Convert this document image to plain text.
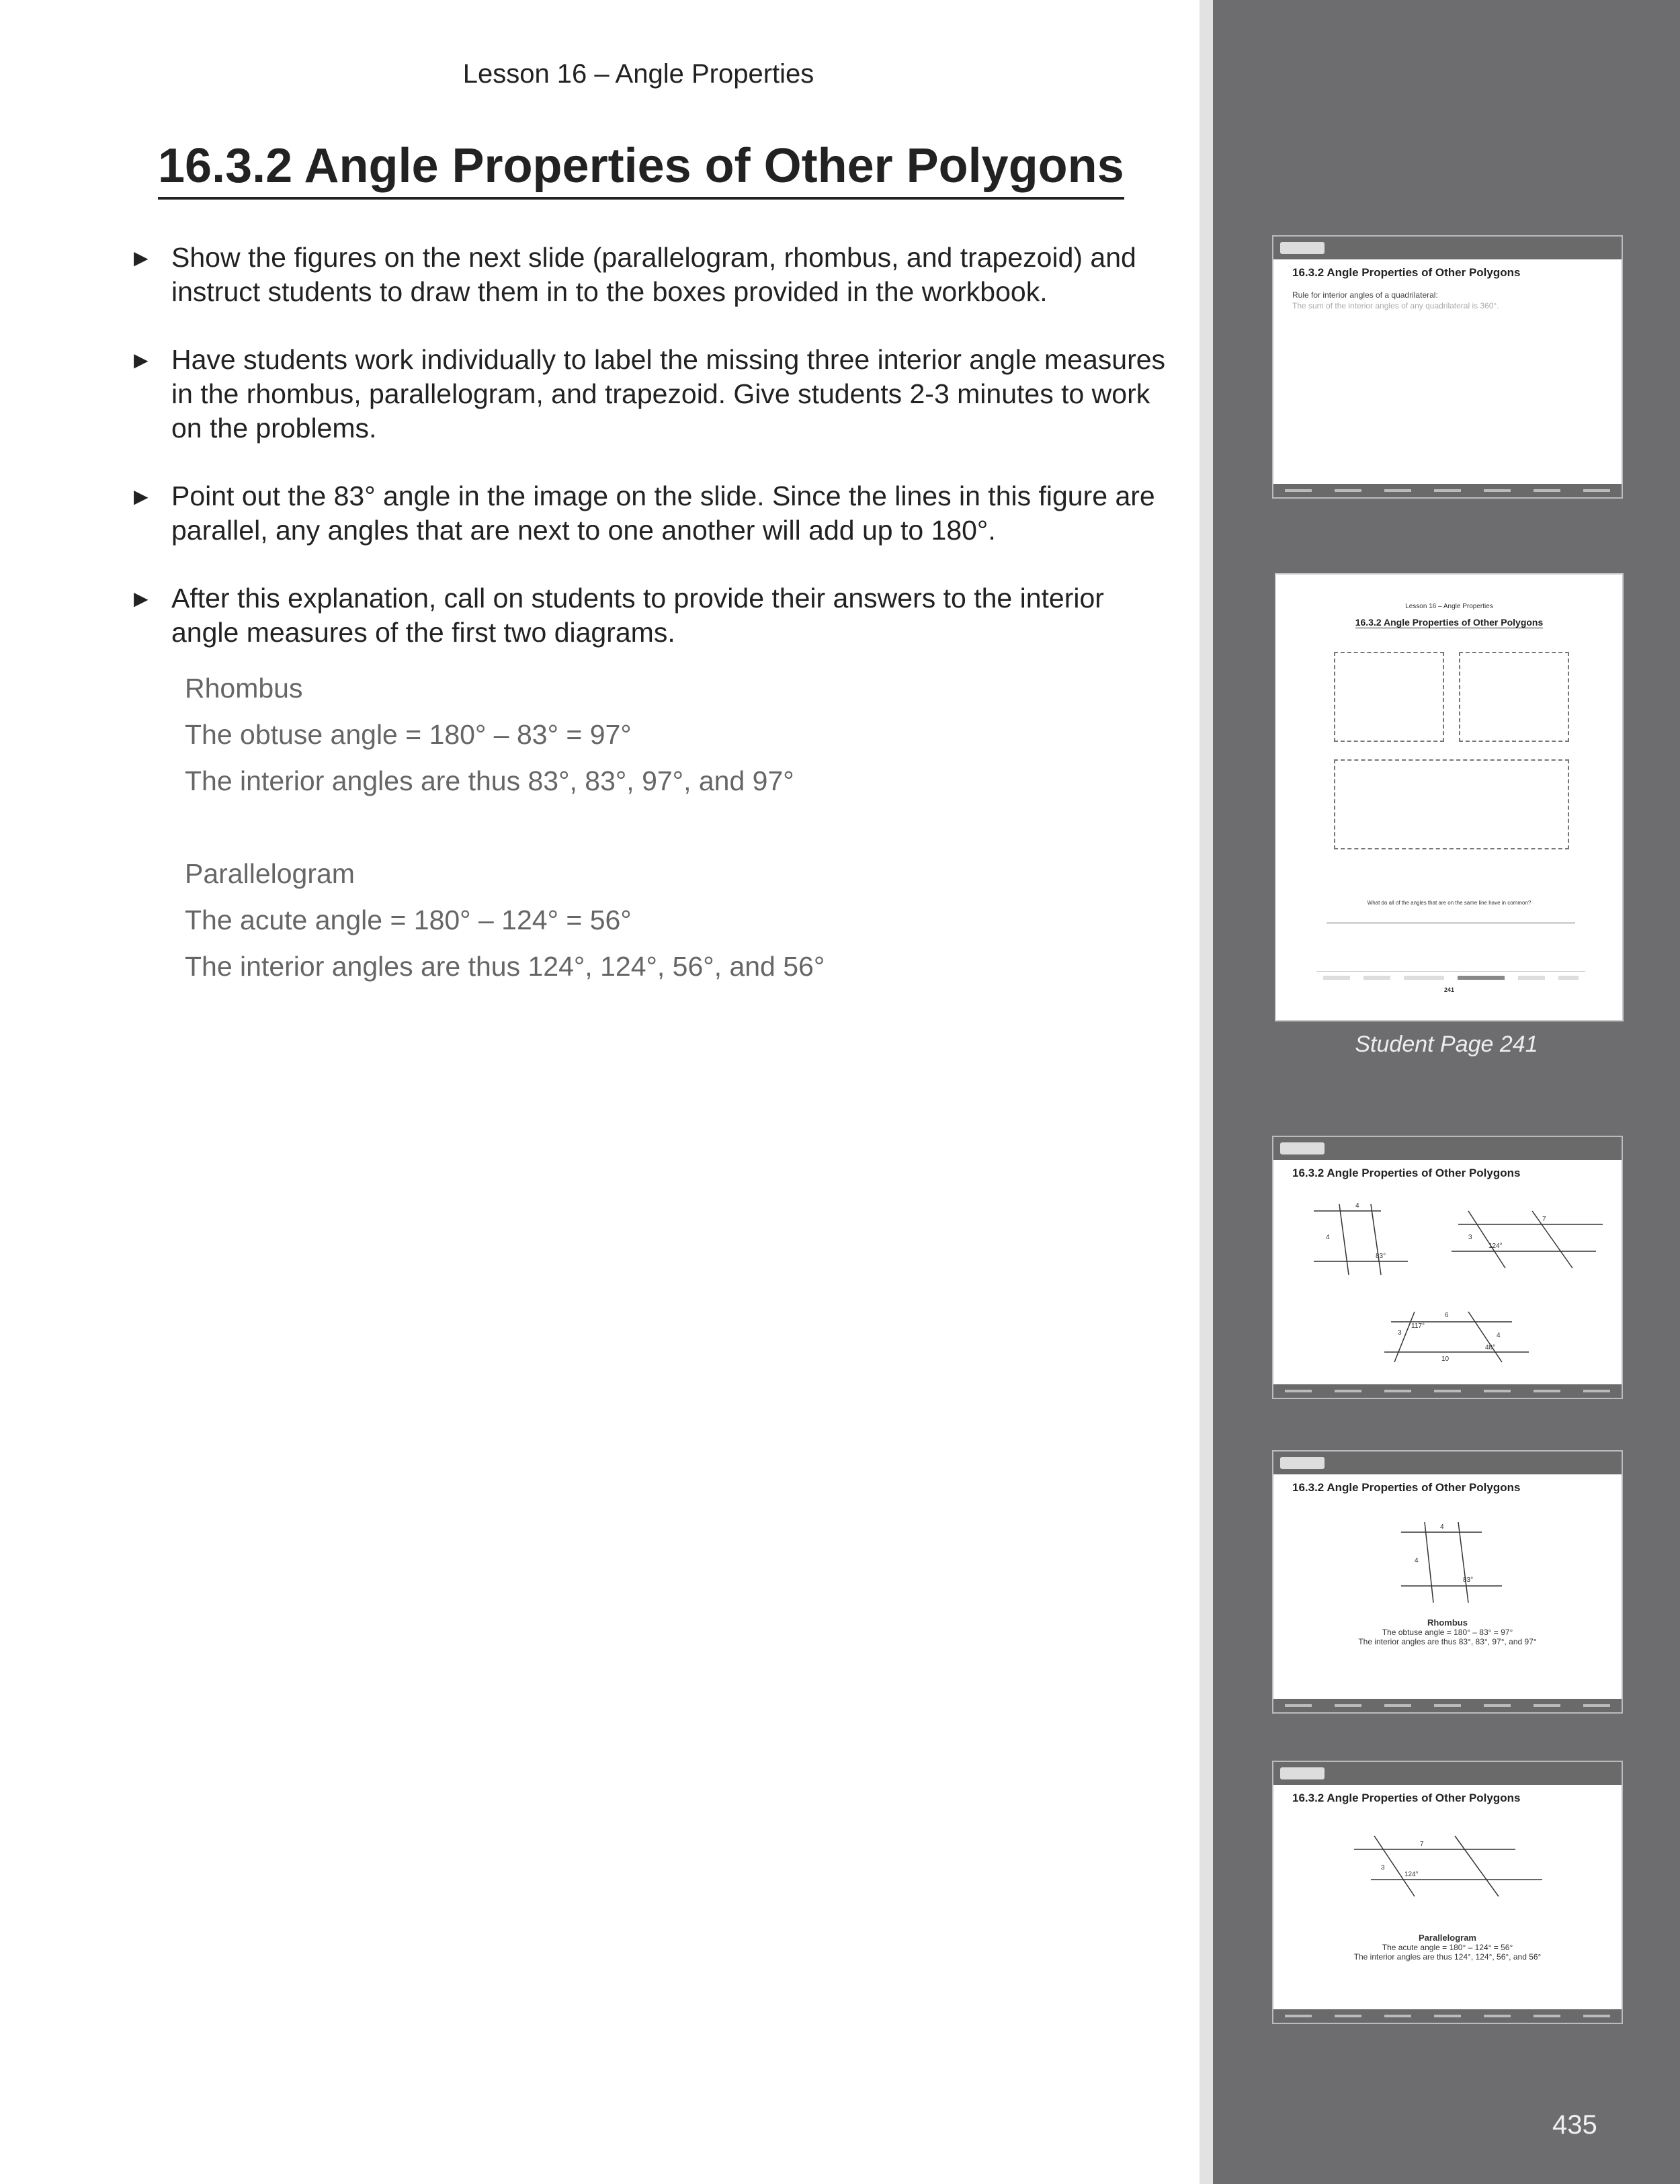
Lesson 16 – Angle Properties
16.3.2 Angle Properties of Other Polygons
▶ Show the figures on the next slide (parallelogram, rhombus, and trapezoid) and instruct students to draw them in to the boxes provided in the workbook.
▶ Have students work individually to label the missing three interior angle measures in the rhombus, parallelogram, and trapezoid. Give students 2-3 minutes to work on the problems.
▶ Point out the 83° angle in the image on the slide. Since the lines in this figure are parallel, any angles that are next to one another will add up to 180°.
▶ After this explanation, call on students to provide their answers to the interior angle measures of the first two diagrams.
Rhombus
The obtuse angle = 180° – 83° = 97°
The interior angles are thus 83°, 83°, 97°, and 97°
Parallelogram
The acute angle = 180° – 124° = 56°
The interior angles are thus 124°, 124°, 56°, and 56°
16.3.2 Angle Properties of Other Polygons
Rule for interior angles of a quadrilateral:
The sum of the interior angles of any quadrilateral is 360°.
Lesson 16 – Angle Properties
16.3.2 Angle Properties of Other Polygons
What do all of the angles that are on the same line have in common?
241
Student Page 241
16.3.2 Angle Properties of Other Polygons
4
4
83°
7
3
124°
6
3
117°
4
48°
10
16.3.2 Angle Properties of Other Polygons
4
4
83°
Rhombus
The obtuse angle = 180° – 83° = 97°
The interior angles are thus 83°, 83°, 97°, and 97°
16.3.2 Angle Properties of Other Polygons
7
3
124°
Parallelogram
The acute angle = 180° – 124° = 56°
The interior angles are thus 124°, 124°, 56°, and 56°
435
